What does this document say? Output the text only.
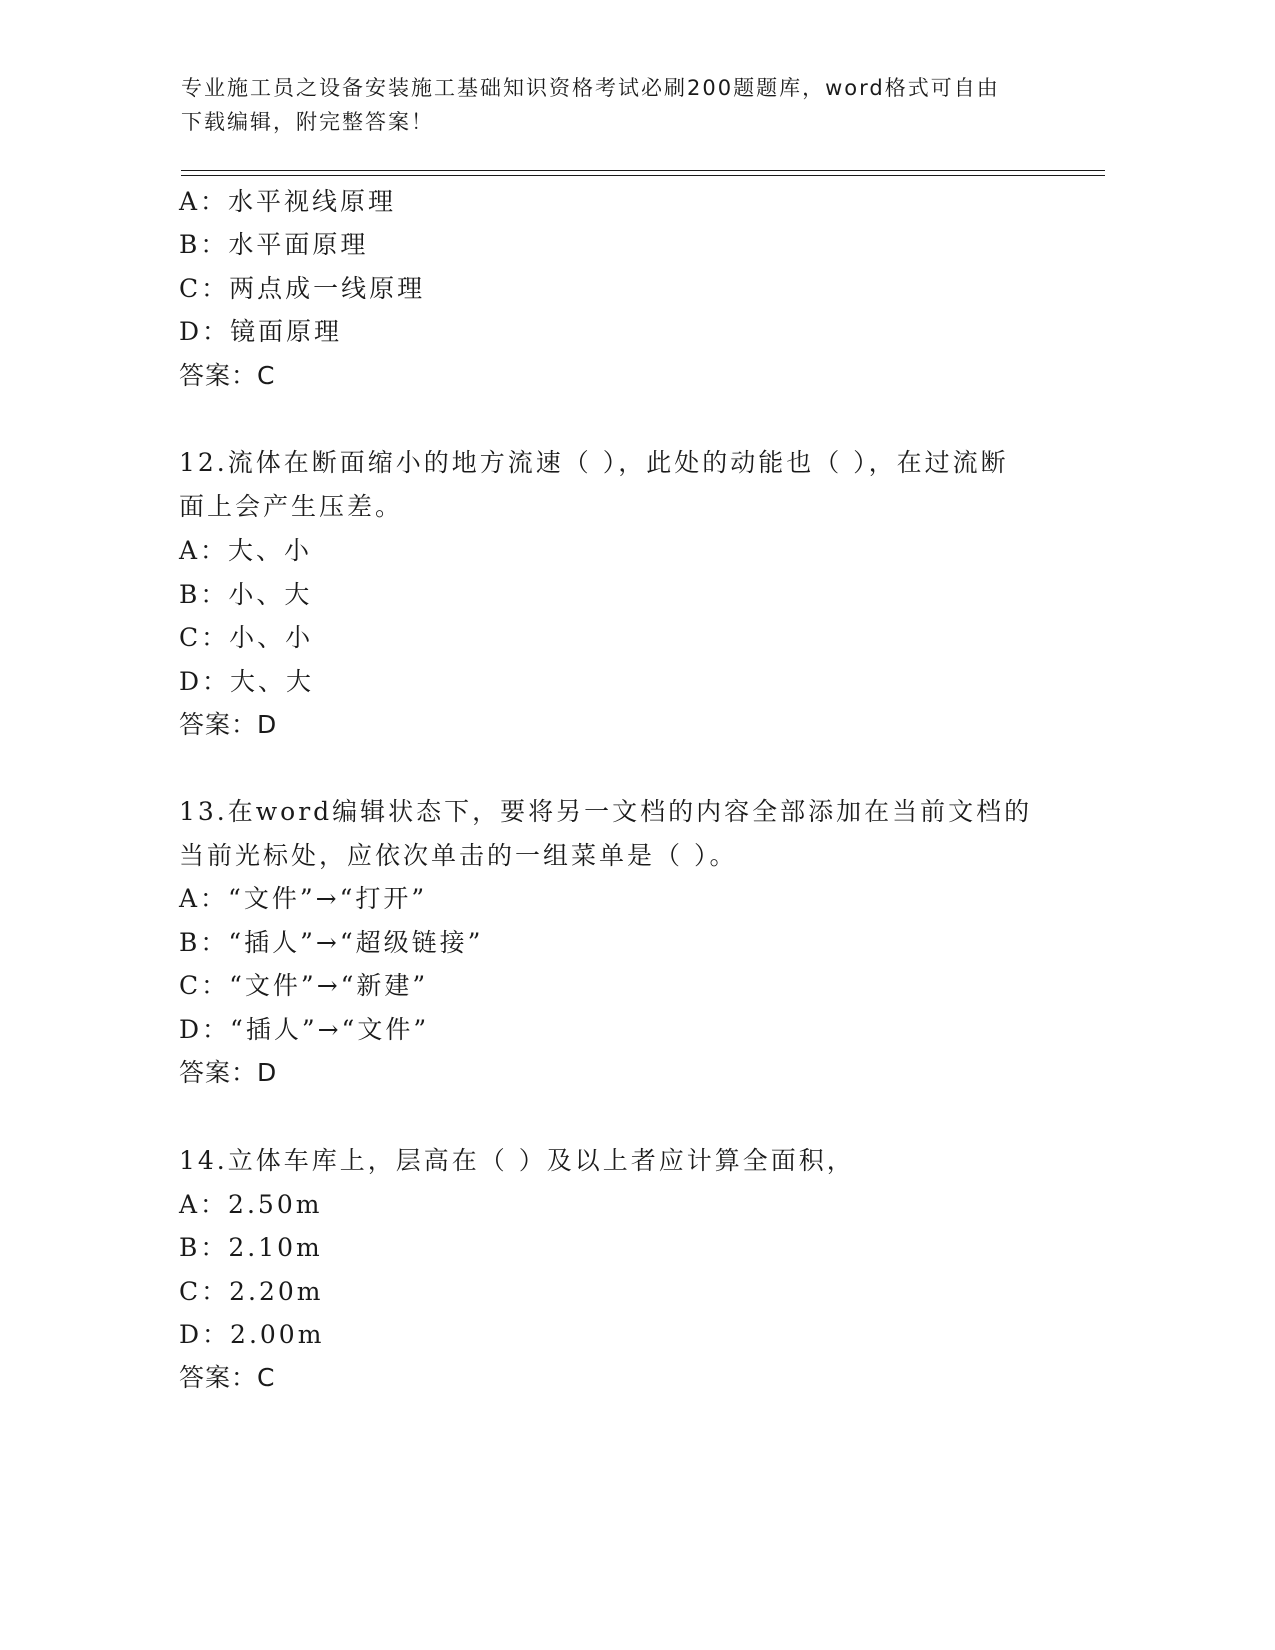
专业施工员之设备安装施工基础知识资格考试必刷200题题库，word格式可自由
下载编辑，附完整答案！
A：水平视线原理
B：水平面原理
C：两点成一线原理
D：镜面原理
答案：C
12.流体在断面缩小的地方流速（ ），此处的动能也（ ），在过流断
面上会产生压差。
A：大、小
B：小、大
C：小、小
D：大、大
答案：D
13.在word编辑状态下，要将另一文档的内容全部添加在当前文档的
当前光标处，应依次单击的一组菜单是（ ）。
A：“文件”→“打开”
B：“插人”→“超级链接”
C：“文件”→“新建”
D：“插人”→“文件”
答案：D
14.立体车库上，层高在（ ）及以上者应计算全面积，
A：2.50m
B：2.10m
C：2.20m
D：2.00m
答案：C
